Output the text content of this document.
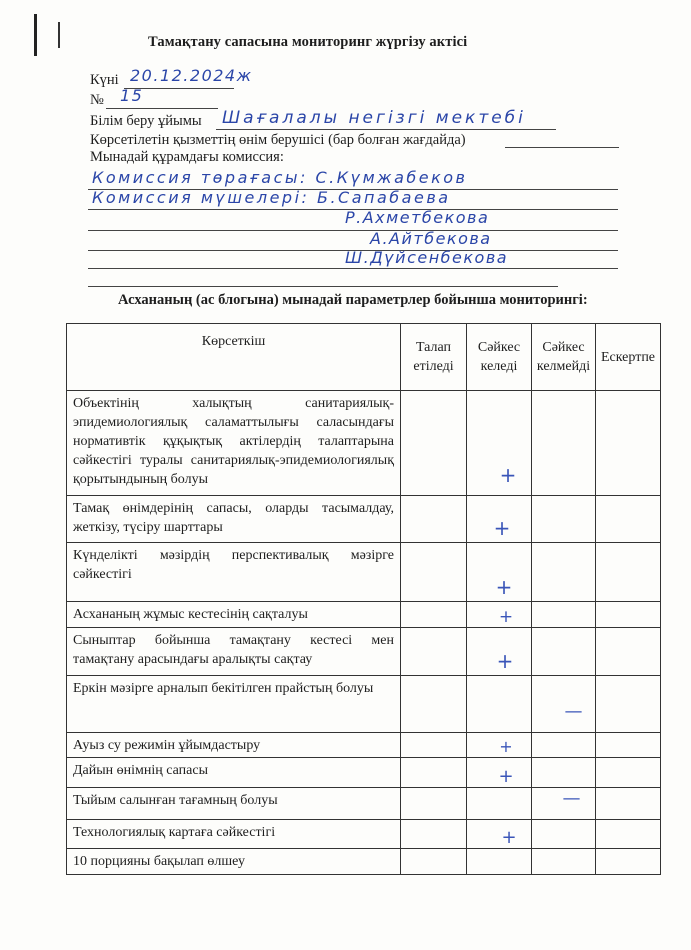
Тамақтану сапасына мониторинг жүргізу актісі
Күні 20.12.2024ж
№ 15
Білім беру ұйымы Шағалалы негізгі мектебі
Көрсетілетін қызметтің өнім берушісі (бар болған жағдайда)
Мынадай құрамдағы комиссия:
Комиссия төрағасы: С.Күмжабеков
Комиссия мүшелері: Б.Сапабаева
Р.Ахметбекова
А.Айтбекова
Ш.Дүйсенбекова
Асхананың (ас блогына) мынадай параметрлер бойынша мониторингі:
Көрсеткіш	Талап етіледі	Сәйкес келеді	Сәйкес келмейді	Ескертпе
Объектінің халықтың санитариялық-эпидемиологиялық саламаттылығы саласындағы нормативтік құқықтық актілердің талаптарына сәйкестігі туралы санитариялық-эпидемиологиялық қорытындының болуы		+		
Тамақ өнімдерінің сапасы, оларды тасымалдау, жеткізу, түсіру шарттары		+		
Күнделікті мәзірдің перспективалық мәзірге сәйкестігі		+		
Асхананың жұмыс кестесінің сақталуы		+		
Сыныптар бойынша тамақтану кестесі мен тамақтану арасындағы аралықты сақтау		+		
Еркін мәзірге арналып бекітілген прайстың болуы			—	
Ауыз су режимін ұйымдастыру		+		
Дайын өнімнің сапасы		+		
Тыйым салынған тағамның болуы			—	
Технологиялық картаға сәйкестігі		+		
10 порцияны бақылап өлшеу				
